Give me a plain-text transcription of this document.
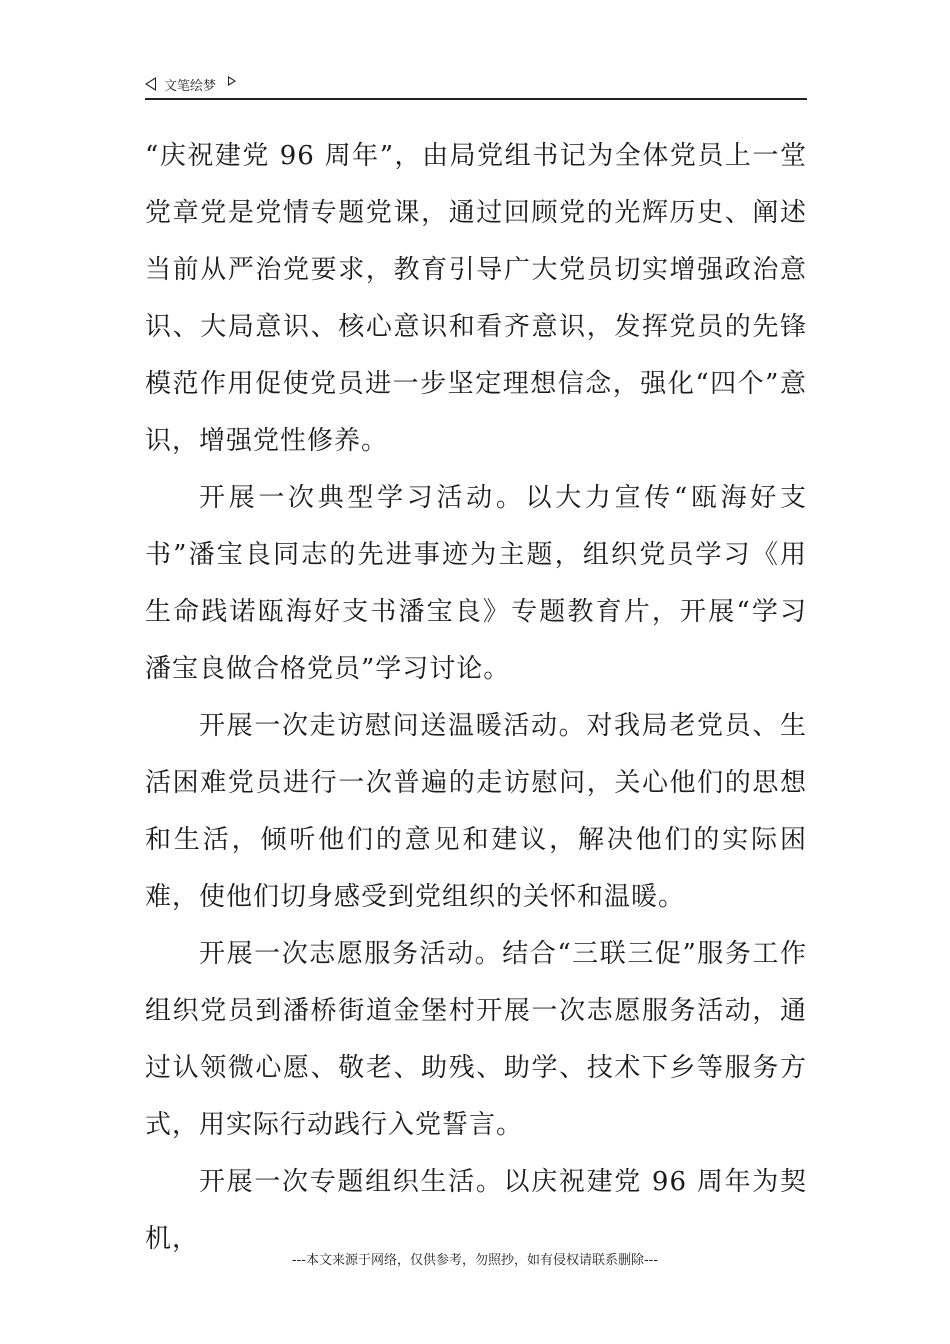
文笔绘梦

“庆祝建党 96 周年”，由局党组书记为全体党员上一堂党章党是党情专题党课，通过回顾党的光辉历史、阐述当前从严治党要求，教育引导广大党员切实增强政治意识、大局意识、核心意识和看齐意识，发挥党员的先锋模范作用促使党员进一步坚定理想信念，强化“四个”意识，增强党性修养。

开展一次典型学习活动。以大力宣传“瓯海好支书”潘宝良同志的先进事迹为主题，组织党员学习《用生命践诺瓯海好支书潘宝良》专题教育片，开展“学习潘宝良做合格党员”学习讨论。

开展一次走访慰问送温暖活动。对我局老党员、生活困难党员进行一次普遍的走访慰问，关心他们的思想和生活，倾听他们的意见和建议，解决他们的实际困难，使他们切身感受到党组织的关怀和温暖。

开展一次志愿服务活动。结合“三联三促”服务工作组织党员到潘桥街道金堡村开展一次志愿服务活动，通过认领微心愿、敬老、助残、助学、技术下乡等服务方式，用实际行动践行入党誓言。

开展一次专题组织生活。以庆祝建党 96 周年为契机，

---本文来源于网络，仅供参考，勿照抄，如有侵权请联系删除---
